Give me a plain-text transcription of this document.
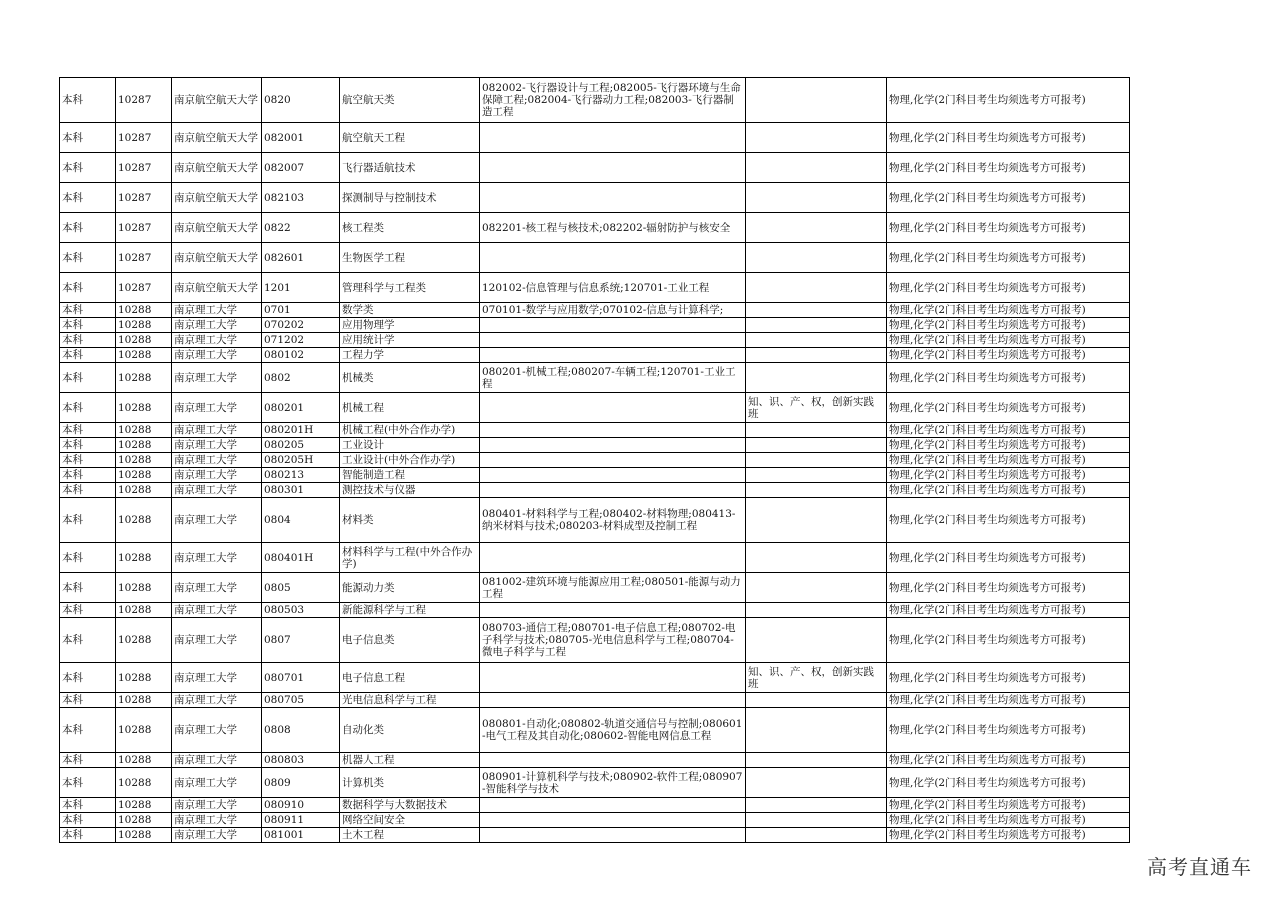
本科	10287	南京航空航天大学	0820	航空航天类	082002-飞行器设计与工程;082005-飞行器环境与生命保障工程;082004-飞行器动力工程;082003-飞行器制造工程		物理,化学(2门科目考生均须选考方可报考)
本科	10287	南京航空航天大学	082001	航空航天工程			物理,化学(2门科目考生均须选考方可报考)
本科	10287	南京航空航天大学	082007	飞行器适航技术			物理,化学(2门科目考生均须选考方可报考)
本科	10287	南京航空航天大学	082103	探测制导与控制技术			物理,化学(2门科目考生均须选考方可报考)
本科	10287	南京航空航天大学	0822	核工程类	082201-核工程与核技术;082202-辐射防护与核安全		物理,化学(2门科目考生均须选考方可报考)
本科	10287	南京航空航天大学	082601	生物医学工程			物理,化学(2门科目考生均须选考方可报考)
本科	10287	南京航空航天大学	1201	管理科学与工程类	120102-信息管理与信息系统;120701-工业工程		物理,化学(2门科目考生均须选考方可报考)
本科	10288	南京理工大学	0701	数学类	070101-数学与应用数学;070102-信息与计算科学;		物理,化学(2门科目考生均须选考方可报考)
本科	10288	南京理工大学	070202	应用物理学			物理,化学(2门科目考生均须选考方可报考)
本科	10288	南京理工大学	071202	应用统计学			物理,化学(2门科目考生均须选考方可报考)
本科	10288	南京理工大学	080102	工程力学			物理,化学(2门科目考生均须选考方可报考)
本科	10288	南京理工大学	0802	机械类	080201-机械工程;080207-车辆工程;120701-工业工程		物理,化学(2门科目考生均须选考方可报考)
本科	10288	南京理工大学	080201	机械工程		知、识、产、权，创新实践班	物理,化学(2门科目考生均须选考方可报考)
本科	10288	南京理工大学	080201H	机械工程(中外合作办学)			物理,化学(2门科目考生均须选考方可报考)
本科	10288	南京理工大学	080205	工业设计			物理,化学(2门科目考生均须选考方可报考)
本科	10288	南京理工大学	080205H	工业设计(中外合作办学)			物理,化学(2门科目考生均须选考方可报考)
本科	10288	南京理工大学	080213	智能制造工程			物理,化学(2门科目考生均须选考方可报考)
本科	10288	南京理工大学	080301	测控技术与仪器			物理,化学(2门科目考生均须选考方可报考)
本科	10288	南京理工大学	0804	材料类	080401-材料科学与工程;080402-材料物理;080413-纳米材料与技术;080203-材料成型及控制工程		物理,化学(2门科目考生均须选考方可报考)
本科	10288	南京理工大学	080401H	材料科学与工程(中外合作办学)			物理,化学(2门科目考生均须选考方可报考)
本科	10288	南京理工大学	0805	能源动力类	081002-建筑环境与能源应用工程;080501-能源与动力工程		物理,化学(2门科目考生均须选考方可报考)
本科	10288	南京理工大学	080503	新能源科学与工程			物理,化学(2门科目考生均须选考方可报考)
本科	10288	南京理工大学	0807	电子信息类	080703-通信工程;080701-电子信息工程;080702-电子科学与技术;080705-光电信息科学与工程;080704-微电子科学与工程		物理,化学(2门科目考生均须选考方可报考)
本科	10288	南京理工大学	080701	电子信息工程		知、识、产、权，创新实践班	物理,化学(2门科目考生均须选考方可报考)
本科	10288	南京理工大学	080705	光电信息科学与工程			物理,化学(2门科目考生均须选考方可报考)
本科	10288	南京理工大学	0808	自动化类	080801-自动化;080802-轨道交通信号与控制;080601-电气工程及其自动化;080602-智能电网信息工程		物理,化学(2门科目考生均须选考方可报考)
本科	10288	南京理工大学	080803	机器人工程			物理,化学(2门科目考生均须选考方可报考)
本科	10288	南京理工大学	0809	计算机类	080901-计算机科学与技术;080902-软件工程;080907-智能科学与技术		物理,化学(2门科目考生均须选考方可报考)
本科	10288	南京理工大学	080910	数据科学与大数据技术			物理,化学(2门科目考生均须选考方可报考)
本科	10288	南京理工大学	080911	网络空间安全			物理,化学(2门科目考生均须选考方可报考)
本科	10288	南京理工大学	081001	土木工程			物理,化学(2门科目考生均须选考方可报考)
高考直通车
